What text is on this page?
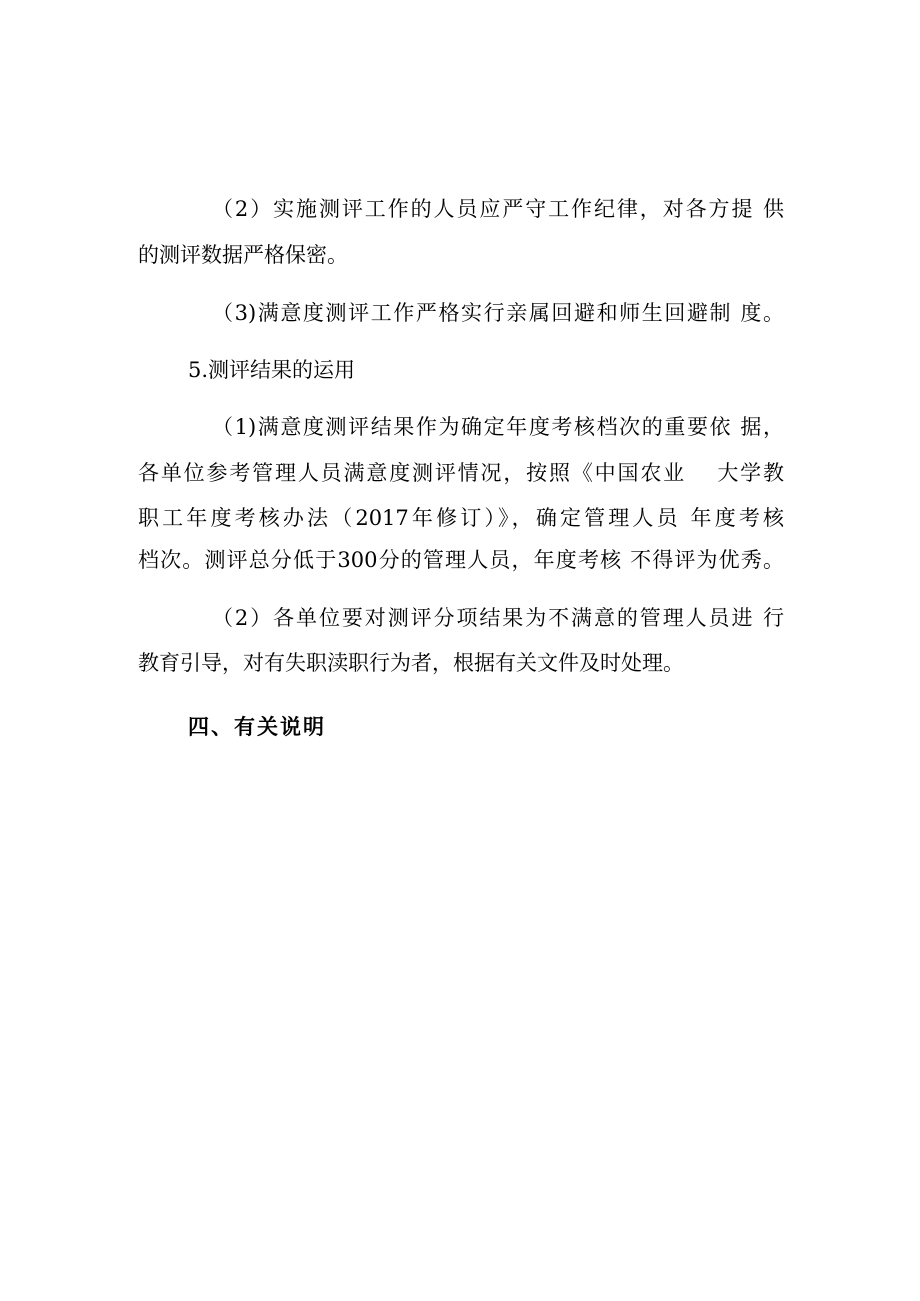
（2）实施测评工作的人员应严守工作纪律，对各方提 供
的测评数据严格保密。
（3)满意度测评工作严格实行亲属回避和师生回避制 度。
5.测评结果的运用
（1)满意度测评结果作为确定年度考核档次的重要依 据，
各单位参考管理人员满意度测评情况，按照《中国农业　 大学教
职工年度考核办法（2017年修订）》，确定管理人员 年度考核
档次。测评总分低于300分的管理人员，年度考核 不得评为优秀。
（2）各单位要对测评分项结果为不满意的管理人员进 行
教育引导，对有失职渎职行为者，根据有关文件及时处理。
四、有关说明
